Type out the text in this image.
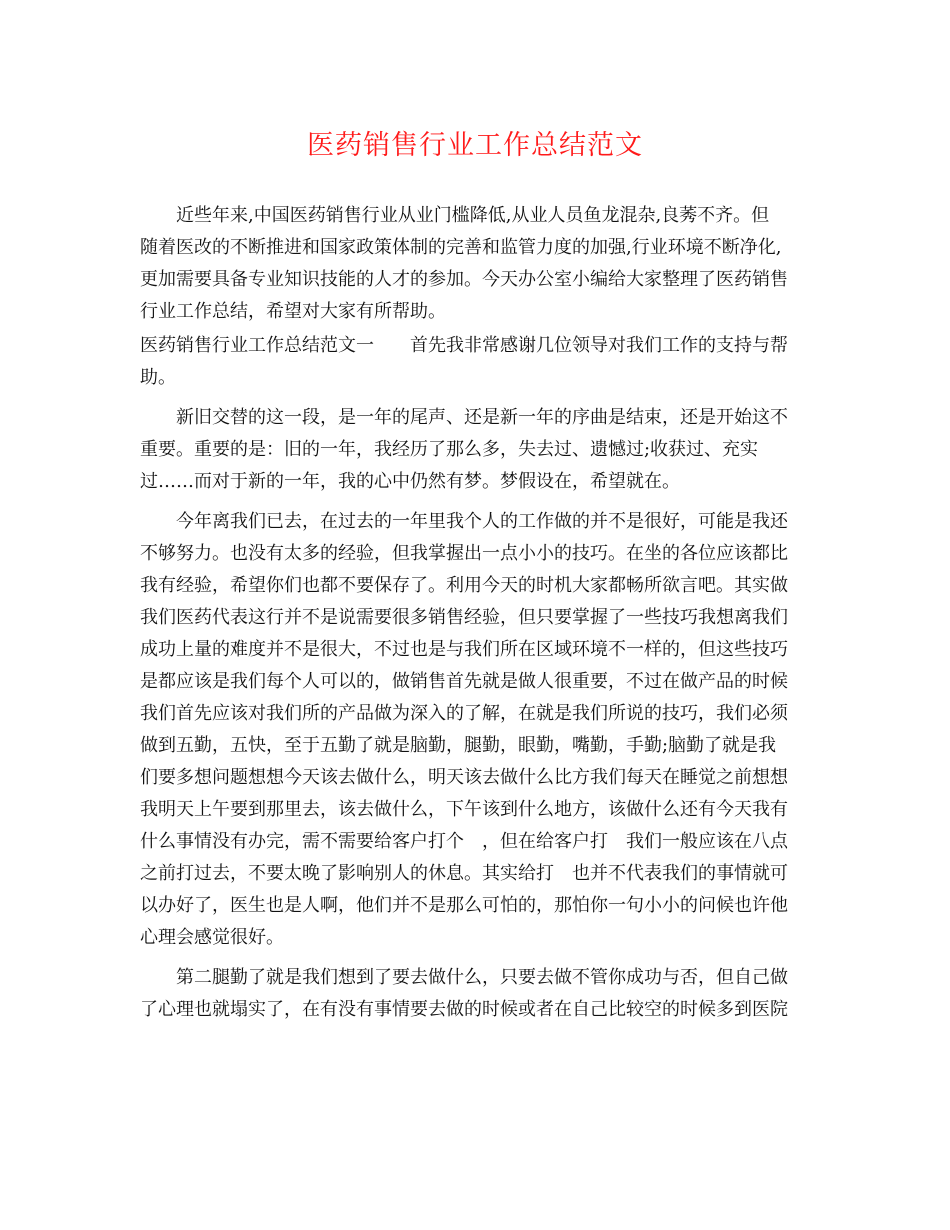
医药销售行业工作总结范文
近些年来,中国医药销售行业从业门槛降低,从业人员鱼龙混杂,良莠不齐。但
随着医改的不断推进和国家政策体制的完善和监管力度的加强,行业环境不断净化,
更加需要具备专业知识技能的人才的参加。今天办公室小编给大家整理了医药销售
行业工作总结，希望对大家有所帮助。
医药销售行业工作总结范文一　　首先我非常感谢几位领导对我们工作的支持与帮
助。
新旧交替的这一段，是一年的尾声、还是新一年的序曲是结束，还是开始这不
重要。重要的是：旧的一年，我经历了那么多，失去过、遗憾过;收获过、充实
过……而对于新的一年，我的心中仍然有梦。梦假设在，希望就在。
今年离我们已去，在过去的一年里我个人的工作做的并不是很好，可能是我还
不够努力。也没有太多的经验，但我掌握出一点小小的技巧。在坐的各位应该都比
我有经验，希望你们也都不要保存了。利用今天的时机大家都畅所欲言吧。其实做
我们医药代表这行并不是说需要很多销售经验，但只要掌握了一些技巧我想离我们
成功上量的难度并不是很大，不过也是与我们所在区域环境不一样的，但这些技巧
是都应该是我们每个人可以的，做销售首先就是做人很重要，不过在做产品的时候
我们首先应该对我们所的产品做为深入的了解，在就是我们所说的技巧，我们必须
做到五勤，五快，至于五勤了就是脑勤，腿勤，眼勤，嘴勤，手勤;脑勤了就是我
们要多想问题想想今天该去做什么，明天该去做什么比方我们每天在睡觉之前想想
我明天上午要到那里去，该去做什么，下午该到什么地方，该做什么还有今天我有
什么事情没有办完，需不需要给客户打个　，但在给客户打　我们一般应该在八点
之前打过去，不要太晚了影响别人的休息。其实给打　也并不代表我们的事情就可
以办好了，医生也是人啊，他们并不是那么可怕的，那怕你一句小小的问候也许他
心理会感觉很好。
第二腿勤了就是我们想到了要去做什么，只要去做不管你成功与否，但自己做
了心理也就塌实了，在有没有事情要去做的时候或者在自己比较空的时候多到医院
